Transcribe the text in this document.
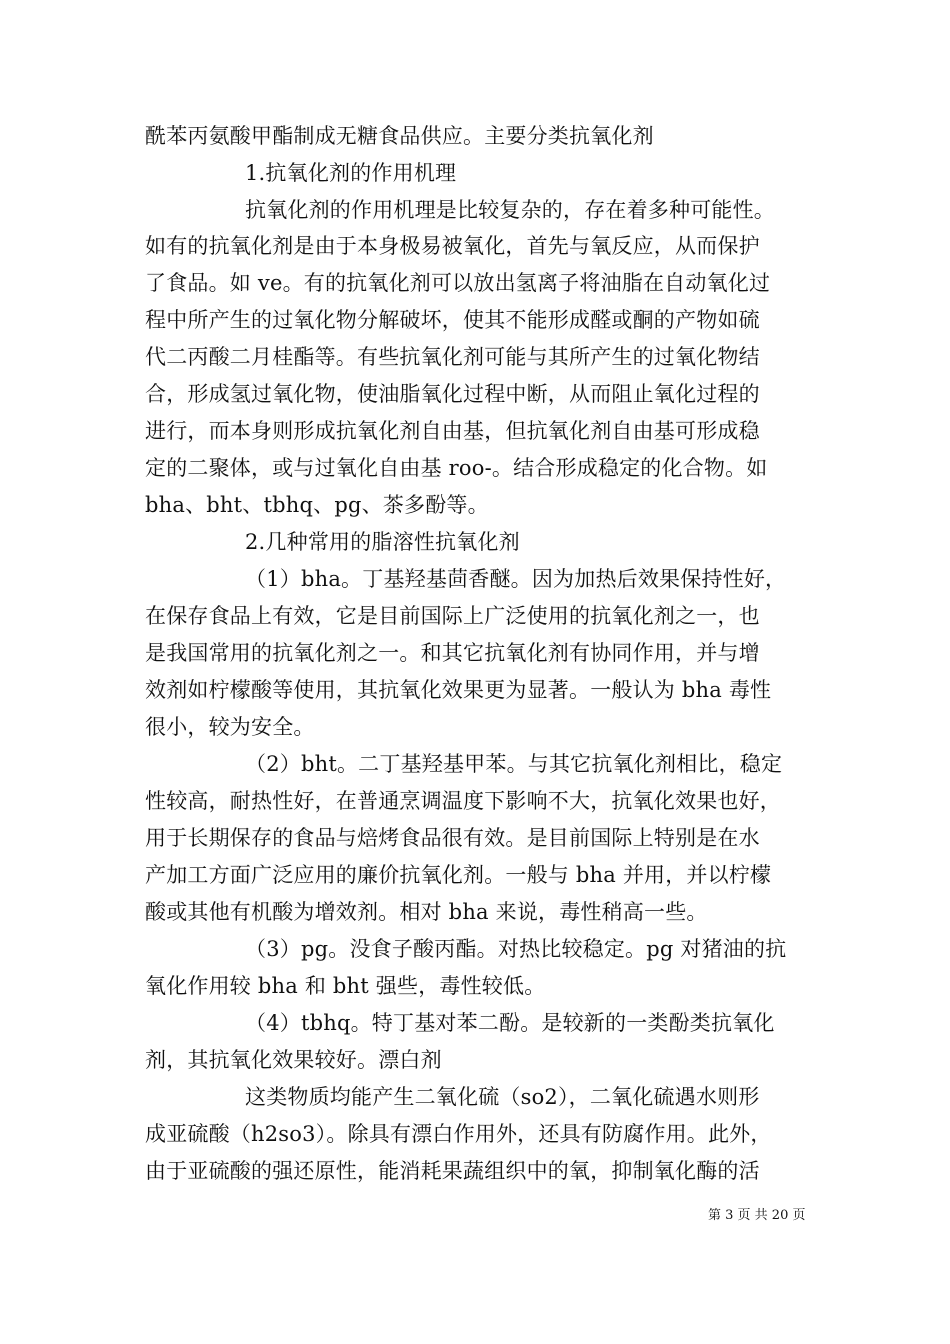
酰苯丙氨酸甲酯制成无糖食品供应。主要分类抗氧化剂
1.抗氧化剂的作用机理
抗氧化剂的作用机理是比较复杂的，存在着多种可能性。
如有的抗氧化剂是由于本身极易被氧化，首先与氧反应，从而保护
了食品。如 ve。有的抗氧化剂可以放出氢离子将油脂在自动氧化过
程中所产生的过氧化物分解破坏，使其不能形成醛或酮的产物如硫
代二丙酸二月桂酯等。有些抗氧化剂可能与其所产生的过氧化物结
合，形成氢过氧化物，使油脂氧化过程中断，从而阻止氧化过程的
进行，而本身则形成抗氧化剂自由基，但抗氧化剂自由基可形成稳
定的二聚体，或与过氧化自由基 roo-。结合形成稳定的化合物。如
bha、bht、tbhq、pg、茶多酚等。
2.几种常用的脂溶性抗氧化剂
（1）bha。丁基羟基茴香醚。因为加热后效果保持性好，
在保存食品上有效，它是目前国际上广泛使用的抗氧化剂之一，也
是我国常用的抗氧化剂之一。和其它抗氧化剂有协同作用，并与增
效剂如柠檬酸等使用，其抗氧化效果更为显著。一般认为 bha 毒性
很小，较为安全。
（2）bht。二丁基羟基甲苯。与其它抗氧化剂相比，稳定
性较高，耐热性好，在普通烹调温度下影响不大，抗氧化效果也好，
用于长期保存的食品与焙烤食品很有效。是目前国际上特别是在水
产加工方面广泛应用的廉价抗氧化剂。一般与 bha 并用，并以柠檬
酸或其他有机酸为增效剂。相对 bha 来说，毒性稍高一些。
（3）pg。没食子酸丙酯。对热比较稳定。pg 对猪油的抗
氧化作用较 bha 和 bht 强些，毒性较低。
（4）tbhq。特丁基对苯二酚。是较新的一类酚类抗氧化
剂，其抗氧化效果较好。漂白剂
这类物质均能产生二氧化硫（so2），二氧化硫遇水则形
成亚硫酸（h2so3）。除具有漂白作用外，还具有防腐作用。此外，
由于亚硫酸的强还原性，能消耗果蔬组织中的氧，抑制氧化酶的活
第 3 页 共 20 页
